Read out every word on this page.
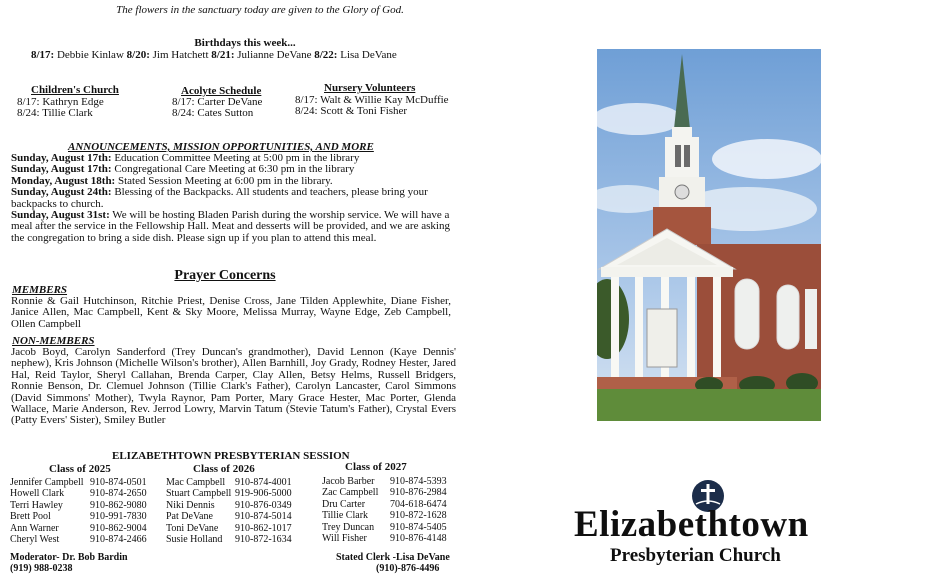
The flowers in the sanctuary today are given to the Glory of God.
Birthdays this week...
8/17: Debbie Kinlaw 8/20: Jim Hatchett 8/21: Julianne DeVane 8/22: Lisa DeVane
Children's Church
8/17: Kathryn Edge
8/24: Tillie Clark
Acolyte Schedule
8/17: Carter DeVane
8/24: Cates Sutton
Nursery Volunteers
8/17: Walt & Willie Kay McDuffie
8/24: Scott & Toni Fisher
ANNOUNCEMENTS, MISSION OPPORTUNITIES, AND MORE

Sunday, August 17th: Education Committee Meeting at 5:00 pm in the library

Sunday, August 17th: Congregational Care Meeting at 6:30 pm in the library

Monday, August 18th: Stated Session Meeting at 6:00 pm in the library.

Sunday, August 24th: Blessing of the Backpacks. All students and teachers, please bring your backpacks to church.

Sunday, August 31st: We will be hosting Bladen Parish during the worship service. We will have a meal after the service in the Fellowship Hall. Meat and desserts will be provided, and we are asking the congregation to bring a side dish. Please sign up if you plan to attend this meal.

Prayer Concerns
MEMBERS
Ronnie & Gail Hutchinson, Ritchie Priest, Denise Cross, Jane Tilden Applewhite, Diane Fisher, Janice Allen, Mac Campbell, Kent & Sky Moore, Melissa Murray, Wayne Edge, Zeb Campbell, Ollen Campbell
NON-MEMBERS
Jacob Boyd, Carolyn Sanderford (Trey Duncan's grandmother), David Lennon (Kaye Dennis' nephew), Kris Johnson (Michelle Wilson's brother), Allen Barnhill, Joy Grady, Rodney Hester, Jared Hal, Reid Taylor, Sheryl Callahan, Brenda Carper, Clay Allen, Betsy Helms, Russell Bridgers, Ronnie Benson, Dr. Clemuel Johnson (Tillie Clark's Father), Carolyn Lancaster, Carol Simmons (David Simmons' Mother), Twyla Raynor, Pam Porter, Mary Grace Hester, Mac Porter, Glenda Wallace, Marie Anderson, Rev. Jerrod Lowry, Marvin Tatum (Stevie Tatum's Father), Crystal Evers (Patty Evers' Sister), Smiley Butler
ELIZABETHTOWN PRESBYTERIAN SESSION
Class of 2025	Class of 2026	Class of 2027
Jennifer Campbell 910-874-0501
Howell Clark	910-874-2650
Terri Hawley	910-862-9080
Brett Pool	910-991-7830
Ann Warner	910-862-9004
Cheryl West	910-874-2466
Mac Campbell 910-874-4001
Stuart Campbell 919-906-5000
Niki Dennis	910-876-0349
Pat DeVane	910-874-5014
Toni DeVane	910-862-1017
Susie Holland	910-872-1634
Jacob Barber	910-874-5393
Zac Campbell	910-876-2984
Dru Carter	704-618-6474
Tillie Clark	910-872-1628
Trey Duncan	910-874-5405
Will Fisher	910-876-4148
Moderator- Dr. Bob Bardin
(919) 988-0238
Stated Clerk -Lisa DeVane
(910)-876-4496
Elizabethtown
Presbyterian Church
